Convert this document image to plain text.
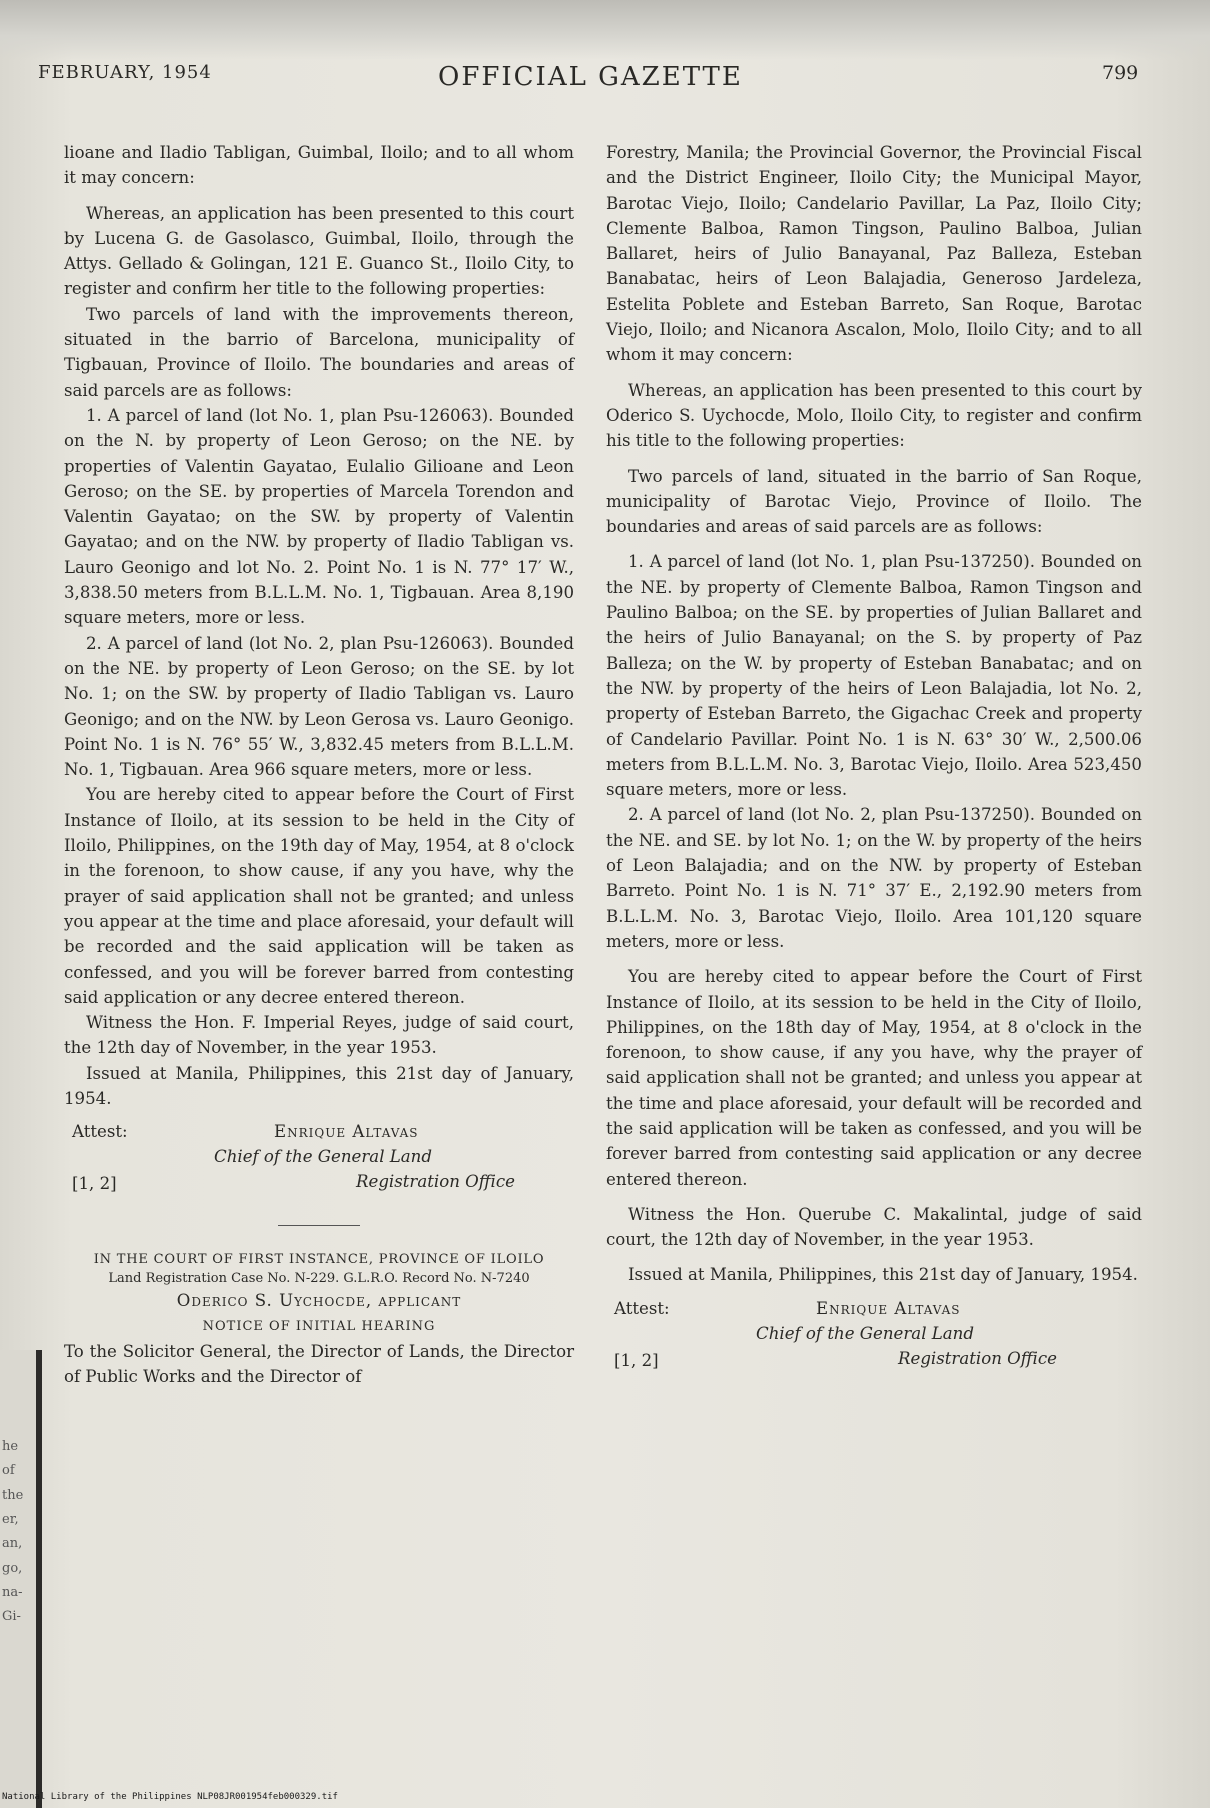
FEBRUARY, 1954	OFFICIAL GAZETTE	799

lioane and Iladio Tabligan, Guimbal, Iloilo; and to all whom it may concern:

Whereas, an application has been presented to this court by Lucena G. de Gasolasco, Guimbal, Iloilo, through the Attys. Gellado & Golingan, 121 E. Guanco St., Iloilo City, to register and confirm her title to the following properties:

Two parcels of land with the improvements thereon, situated in the barrio of Barcelona, municipality of Tigbauan, Province of Iloilo. The boundaries and areas of said parcels are as follows:

1. A parcel of land (lot No. 1, plan Psu-126063). Bounded on the N. by property of Leon Geroso; on the NE. by properties of Valentin Gayatao, Eulalio Gilioane and Leon Geroso; on the SE. by properties of Marcela Torendon and Valentin Gayatao; on the SW. by property of Valentin Gayatao; and on the NW. by property of Iladio Tabligan vs. Lauro Geonigo and lot No. 2. Point No. 1 is N. 77° 17′ W., 3,838.50 meters from B.L.L.M. No. 1, Tigbauan. Area 8,190 square meters, more or less.

2. A parcel of land (lot No. 2, plan Psu-126063). Bounded on the NE. by property of Leon Geroso; on the SE. by lot No. 1; on the SW. by property of Iladio Tabligan vs. Lauro Geonigo; and on the NW. by Leon Gerosa vs. Lauro Geonigo. Point No. 1 is N. 76° 55′ W., 3,832.45 meters from B.L.L.M. No. 1, Tigbauan. Area 966 square meters, more or less.

You are hereby cited to appear before the Court of First Instance of Iloilo, at its session to be held in the City of Iloilo, Philippines, on the 19th day of May, 1954, at 8 o'clock in the forenoon, to show cause, if any you have, why the prayer of said application shall not be granted; and unless you appear at the time and place aforesaid, your default will be recorded and the said application will be taken as confessed, and you will be forever barred from contesting said application or any decree entered thereon.

Witness the Hon. F. Imperial Reyes, judge of said court, the 12th day of November, in the year 1953.

Issued at Manila, Philippines, this 21st day of January, 1954.

Attest:	Enrique Altavas
Chief of the General Land
Registration Office
[1, 2]

IN THE COURT OF FIRST INSTANCE, PROVINCE OF ILOILO

Land Registration Case No. N-229. G.L.R.O. Record No. N-7240

Oderico S. Uychocde, applicant

NOTICE OF INITIAL HEARING

To the Solicitor General, the Director of Lands, the Director of Public Works and the Director of

Forestry, Manila; the Provincial Governor, the Provincial Fiscal and the District Engineer, Iloilo City; the Municipal Mayor, Barotac Viejo, Iloilo; Candelario Pavillar, La Paz, Iloilo City; Clemente Balboa, Ramon Tingson, Paulino Balboa, Julian Ballaret, heirs of Julio Banayanal, Paz Balleza, Esteban Banabatac, heirs of Leon Balajadia, Generoso Jardeleza, Estelita Poblete and Esteban Barreto, San Roque, Barotac Viejo, Iloilo; and Nicanora Ascalon, Molo, Iloilo City; and to all whom it may concern:

Whereas, an application has been presented to this court by Oderico S. Uychocde, Molo, Iloilo City, to register and confirm his title to the following properties:

Two parcels of land, situated in the barrio of San Roque, municipality of Barotac Viejo, Province of Iloilo. The boundaries and areas of said parcels are as follows:

1. A parcel of land (lot No. 1, plan Psu-137250). Bounded on the NE. by property of Clemente Balboa, Ramon Tingson and Paulino Balboa; on the SE. by properties of Julian Ballaret and the heirs of Julio Banayanal; on the S. by property of Paz Balleza; on the W. by property of Esteban Banabatac; and on the NW. by property of the heirs of Leon Balajadia, lot No. 2, property of Esteban Barreto, the Gigachac Creek and property of Candelario Pavillar. Point No. 1 is N. 63° 30′ W., 2,500.06 meters from B.L.L.M. No. 3, Barotac Viejo, Iloilo. Area 523,450 square meters, more or less.

2. A parcel of land (lot No. 2, plan Psu-137250). Bounded on the NE. and SE. by lot No. 1; on the W. by property of the heirs of Leon Balajadia; and on the NW. by property of Esteban Barreto. Point No. 1 is N. 71° 37′ E., 2,192.90 meters from B.L.L.M. No. 3, Barotac Viejo, Iloilo. Area 101,120 square meters, more or less.

You are hereby cited to appear before the Court of First Instance of Iloilo, at its session to be held in the City of Iloilo, Philippines, on the 18th day of May, 1954, at 8 o'clock in the forenoon, to show cause, if any you have, why the prayer of said application shall not be granted; and unless you appear at the time and place aforesaid, your default will be recorded and the said application will be taken as confessed, and you will be forever barred from contesting said application or any decree entered thereon.

Witness the Hon. Querube C. Makalintal, judge of said court, the 12th day of November, in the year 1953.

Issued at Manila, Philippines, this 21st day of January, 1954.

Attest:	Enrique Altavas
Chief of the General Land
Registration Office
[1, 2]
he
of
the
er,
an,
go,
na-
Gi-
National Library of the Philippines NLP08JR001954feb000329.tif
